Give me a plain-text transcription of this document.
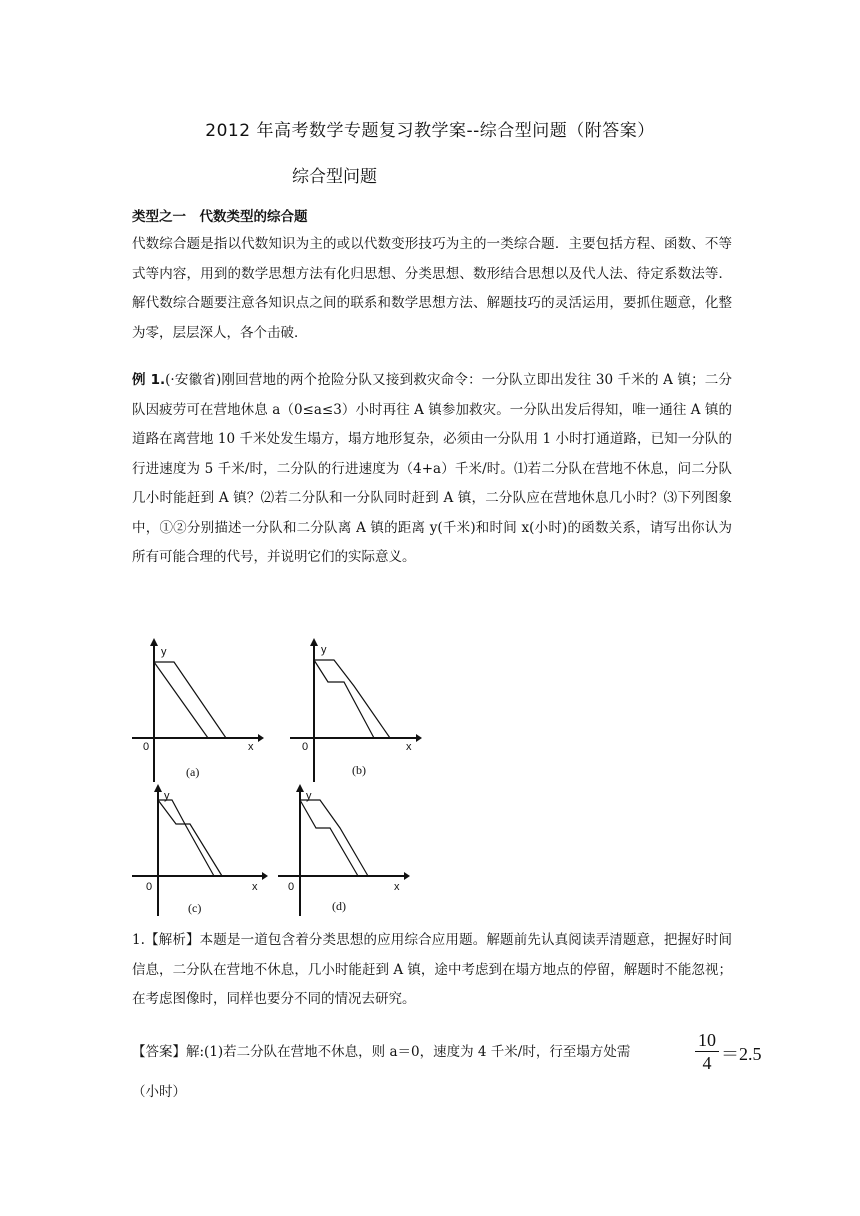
2012 年高考数学专题复习教学案--综合型问题（附答案）
综合型问题
类型之一　代数类型的综合题
代数综合题是指以代数知识为主的或以代数变形技巧为主的一类综合题．主要包括方程、函数、不等式等内容，用到的数学思想方法有化归思想、分类思想、数形结合思想以及代人法、待定系数法等．解代数综合题要注意各知识点之间的联系和数学思想方法、解题技巧的灵活运用，要抓住题意，化整为零，层层深人，各个击破．
例 1.(·安徽省)刚回营地的两个抢险分队又接到救灾命令：一分队立即出发往 30 千米的 A 镇；二分队因疲劳可在营地休息 a（0≤a≤3）小时再往 A 镇参加救灾。一分队出发后得知，唯一通往 A 镇的道路在离营地 10 千米处发生塌方，塌方地形复杂，必须由一分队用 1 小时打通道路，已知一分队的行进速度为 5 千米/时，二分队的行进速度为（4+a）千米/时。⑴若二分队在营地不休息，问二分队几小时能赶到 A 镇？⑵若二分队和一分队同时赶到 A 镇，二分队应在营地休息几小时？⑶下列图象中，①②分别描述一分队和二分队离 A 镇的距离 y(千米)和时间 x(小时)的函数关系，请写出你认为所有可能合理的代号，并说明它们的实际意义。
y
x
0
(a)
y
x
0
(b)
y
x
0
(c)
y
x
0
(d)
1.【解析】本题是一道包含着分类思想的应用综合应用题。解题前先认真阅读弄清题意，把握好时间信息，二分队在营地不休息，几小时能赶到 A 镇，途中考虑到在塌方地点的停留，解题时不能忽视；在考虑图像时，同样也要分不同的情况去研究。
【答案】解:(1)若二分队在营地不休息，则 a＝0，速度为 4 千米/时，行至塌方处需
10
4 ＝2.5
（小时）
